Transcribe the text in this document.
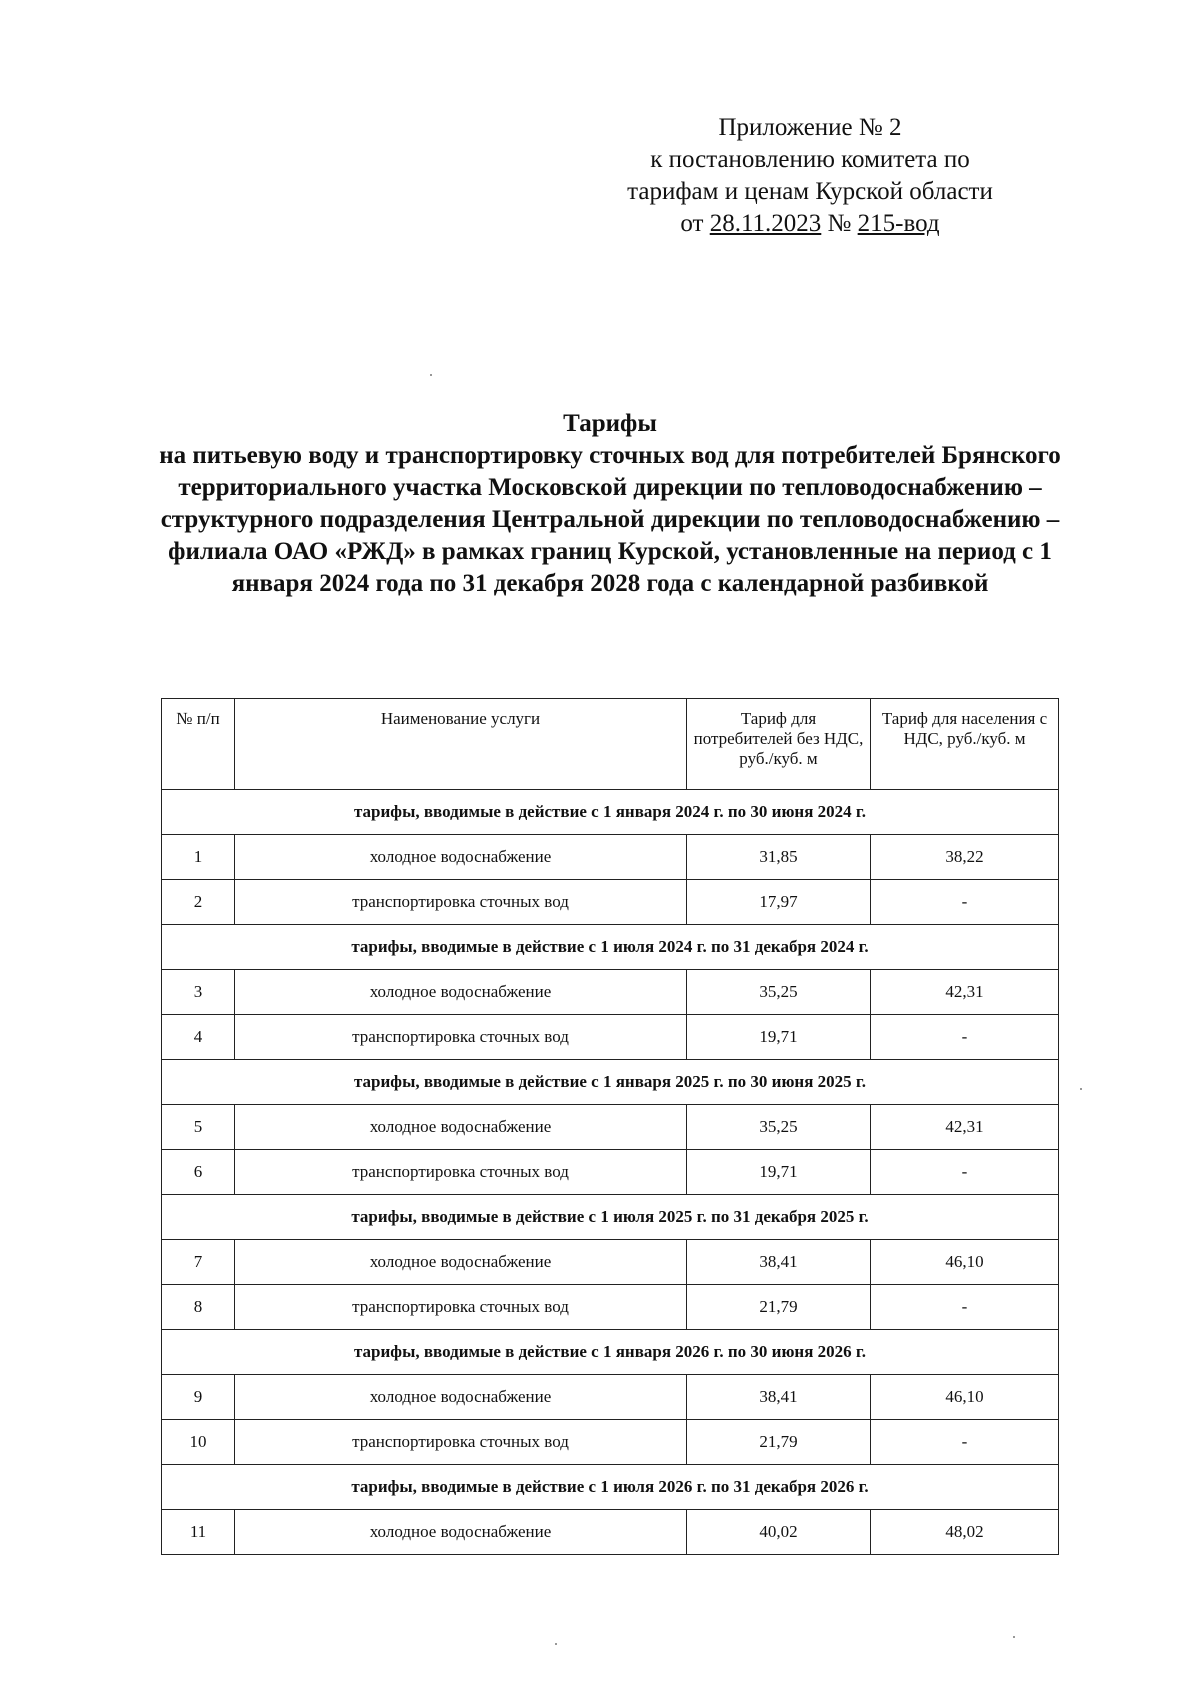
Приложение № 2
к постановлению комитета по
тарифам и ценам Курской области
от 28.11.2023 № 215-вод
Тарифы
на питьевую воду и транспортировку сточных вод для потребителей Брянского территориального участка Московской дирекции по тепловодоснабжению – структурного подразделения Центральной дирекции по тепловодоснабжению – филиала ОАО «РЖД» в рамках границ Курской, установленные на период с 1 января 2024 года по 31 декабря 2028 года с календарной разбивкой
№ п/п	Наименование услуги	Тариф для потребителей без НДС, руб./куб. м	Тариф для населения с НДС, руб./куб. м
тарифы, вводимые в действие с 1 января 2024 г. по 30 июня 2024 г.			
1	холодное водоснабжение	31,85	38,22
2	транспортировка сточных вод	17,97	-
тарифы, вводимые в действие с 1 июля 2024 г. по 31 декабря 2024 г.			
3	холодное водоснабжение	35,25	42,31
4	транспортировка сточных вод	19,71	-
тарифы, вводимые в действие с 1 января 2025 г. по 30 июня 2025 г.			
5	холодное водоснабжение	35,25	42,31
6	транспортировка сточных вод	19,71	-
тарифы, вводимые в действие с 1 июля 2025 г. по 31 декабря 2025 г.			
7	холодное водоснабжение	38,41	46,10
8	транспортировка сточных вод	21,79	-
тарифы, вводимые в действие с 1 января 2026 г. по 30 июня 2026 г.			
9	холодное водоснабжение	38,41	46,10
10	транспортировка сточных вод	21,79	-
тарифы, вводимые в действие с 1 июля 2026 г. по 31 декабря 2026 г.			
11	холодное водоснабжение	40,02	48,02
